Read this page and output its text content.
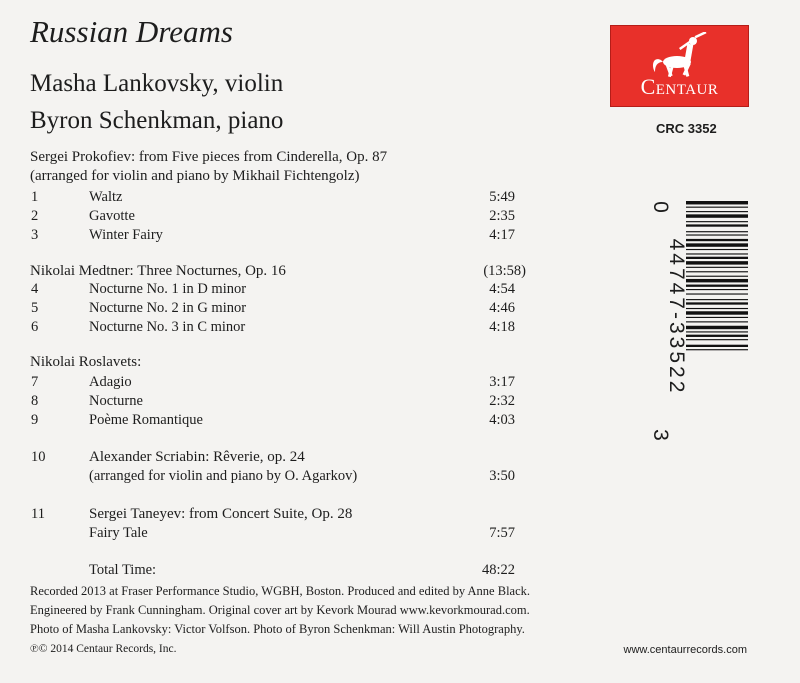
Russian Dreams
Masha Lankovsky, violin
Byron Schenkman, piano
Centaur
CRC 3352
Sergei Prokofiev: from Five pieces from Cinderella, Op. 87
(arranged for violin and piano by Mikhail Fichtengolz)
1	Waltz	5:49
2	Gavotte	2:35
3	Winter Fairy	4:17
Nikolai Medtner: Three Nocturnes, Op. 16	(13:58)
4	Nocturne No. 1 in D minor	4:54
5	Nocturne No. 2 in G minor	4:46
6	Nocturne No. 3 in C minor	4:18
Nikolai Roslavets:
7	Adagio	3:17
8	Nocturne	2:32
9	Poème Romantique	4:03
10	Alexander Scriabin: Rêverie, op. 24
(arranged for violin and piano by O. Agarkov)	3:50
11	Sergei Taneyev: from Concert Suite, Op. 28
Fairy Tale	7:57
Total Time:	48:22
Recorded 2013 at Fraser Performance Studio, WGBH, Boston. Produced and edited by Anne Black.
Engineered by Frank Cunningham. Original cover art by Kevork Mourad www.kevorkmourad.com.
Photo of Masha Lankovsky: Victor Volfson. Photo of Byron Schenkman: Will Austin Photography.
℗© 2014 Centaur Records, Inc.	www.centaurrecords.com
0
44747-33522
3
